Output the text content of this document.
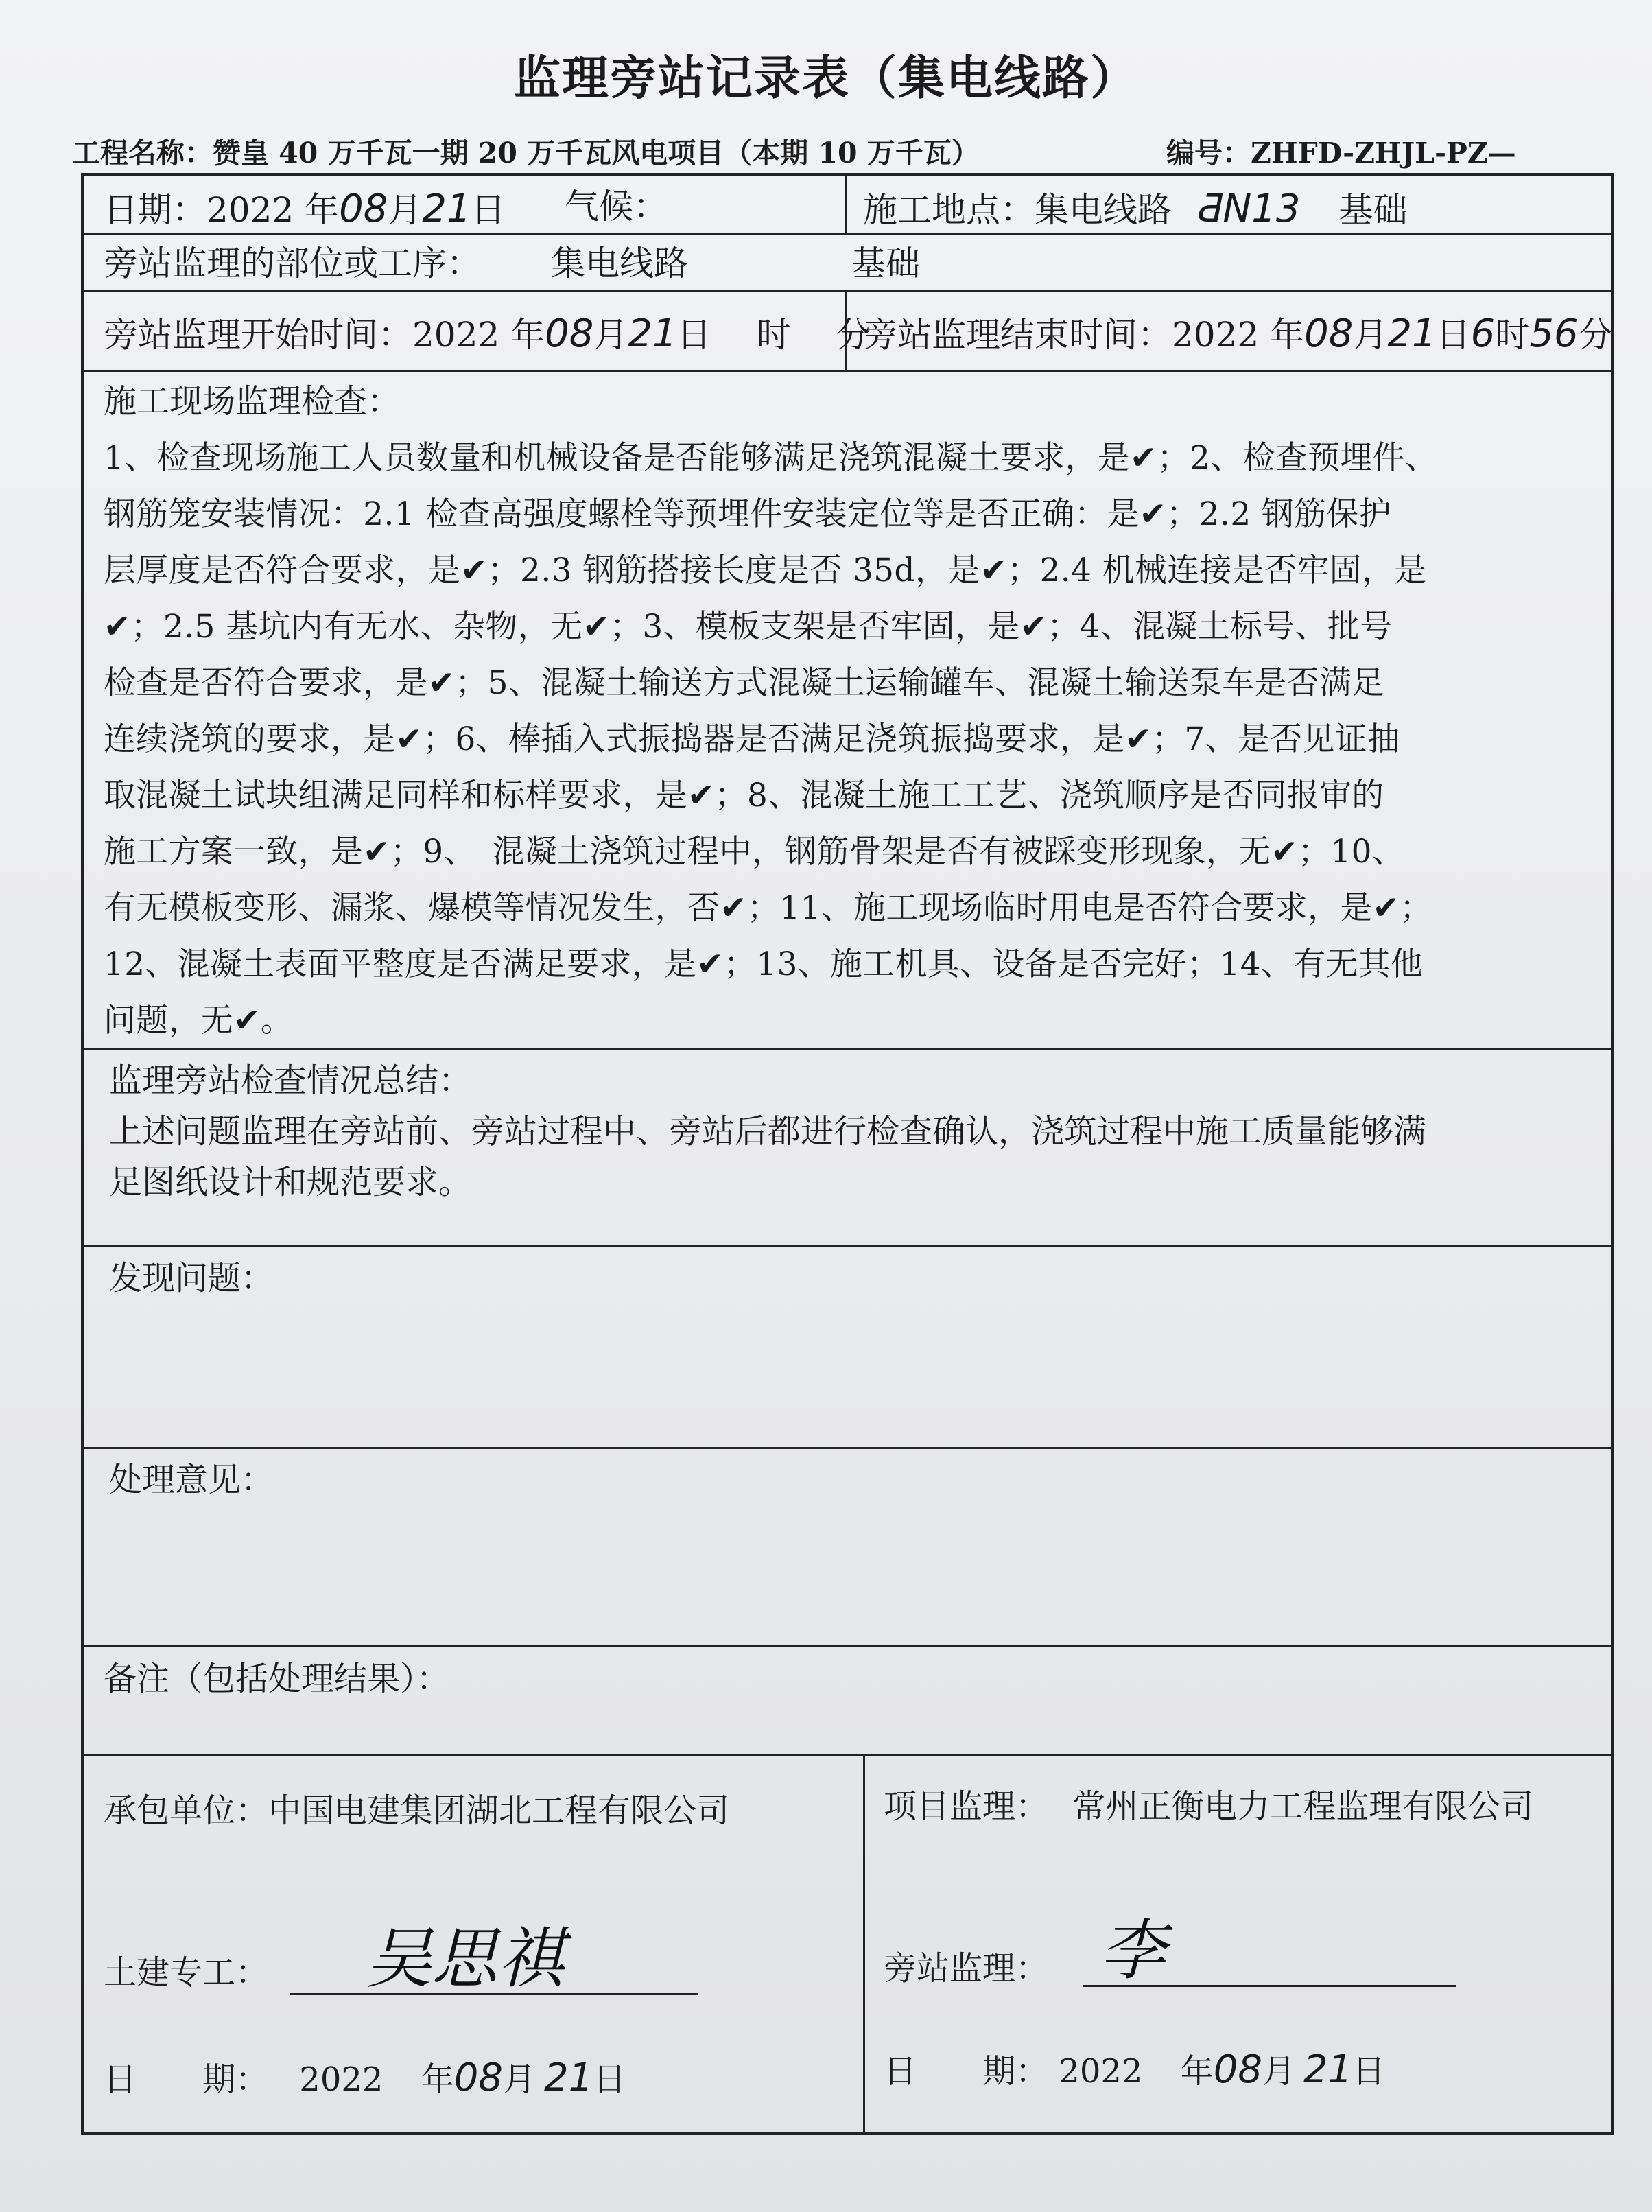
监理旁站记录表（集电线路）
工程名称：赞皇 40 万千瓦一期 20 万千瓦风电项目（本期 10 万千瓦）	编号：ZHFD-ZHJL-PZ—
日期：2022 年08月21日 气候：	施工地点：集电线路 ƋN13 基础
旁站监理的部位或工序： 集电线路	基础
旁站监理开始时间：2022 年08月21日 时 分
旁站监理结束时间：2022 年08月21日6时56分
施工现场监理检查：
1、检查现场施工人员数量和机械设备是否能够满足浇筑混凝土要求，是✔；2、检查预埋件、
钢筋笼安装情况：2.1 检查高强度螺栓等预埋件安装定位等是否正确：是✔；2.2 钢筋保护
层厚度是否符合要求，是✔；2.3 钢筋搭接长度是否 35d，是✔；2.4 机械连接是否牢固，是
✔；2.5 基坑内有无水、杂物，无✔；3、模板支架是否牢固，是✔；4、混凝土标号、批号
检查是否符合要求，是✔；5、混凝土输送方式混凝土运输罐车、混凝土输送泵车是否满足
连续浇筑的要求，是✔；6、棒插入式振捣器是否满足浇筑振捣要求，是✔；7、是否见证抽
取混凝土试块组满足同样和标样要求，是✔；8、混凝土施工工艺、浇筑顺序是否同报审的
施工方案一致，是✔；9、　混凝土浇筑过程中，钢筋骨架是否有被踩变形现象，无✔；10、
有无模板变形、漏浆、爆模等情况发生，否✔；11、施工现场临时用电是否符合要求，是✔；
12、混凝土表面平整度是否满足要求，是✔；13、施工机具、设备是否完好；14、有无其他
问题，无✔。
监理旁站检查情况总结：
上述问题监理在旁站前、旁站过程中、旁站后都进行检查确认，浇筑过程中施工质量能够满
足图纸设计和规范要求。
发现问题：
处理意见：
备注（包括处理结果）：
承包单位：中国电建集团湖北工程有限公司
土建专工： 吴思祺
日　　期： 2022 年08月 21日
项目监理： 常州正衡电力工程监理有限公司
旁站监理： 李
日　　期： 2022 年08月 21日
